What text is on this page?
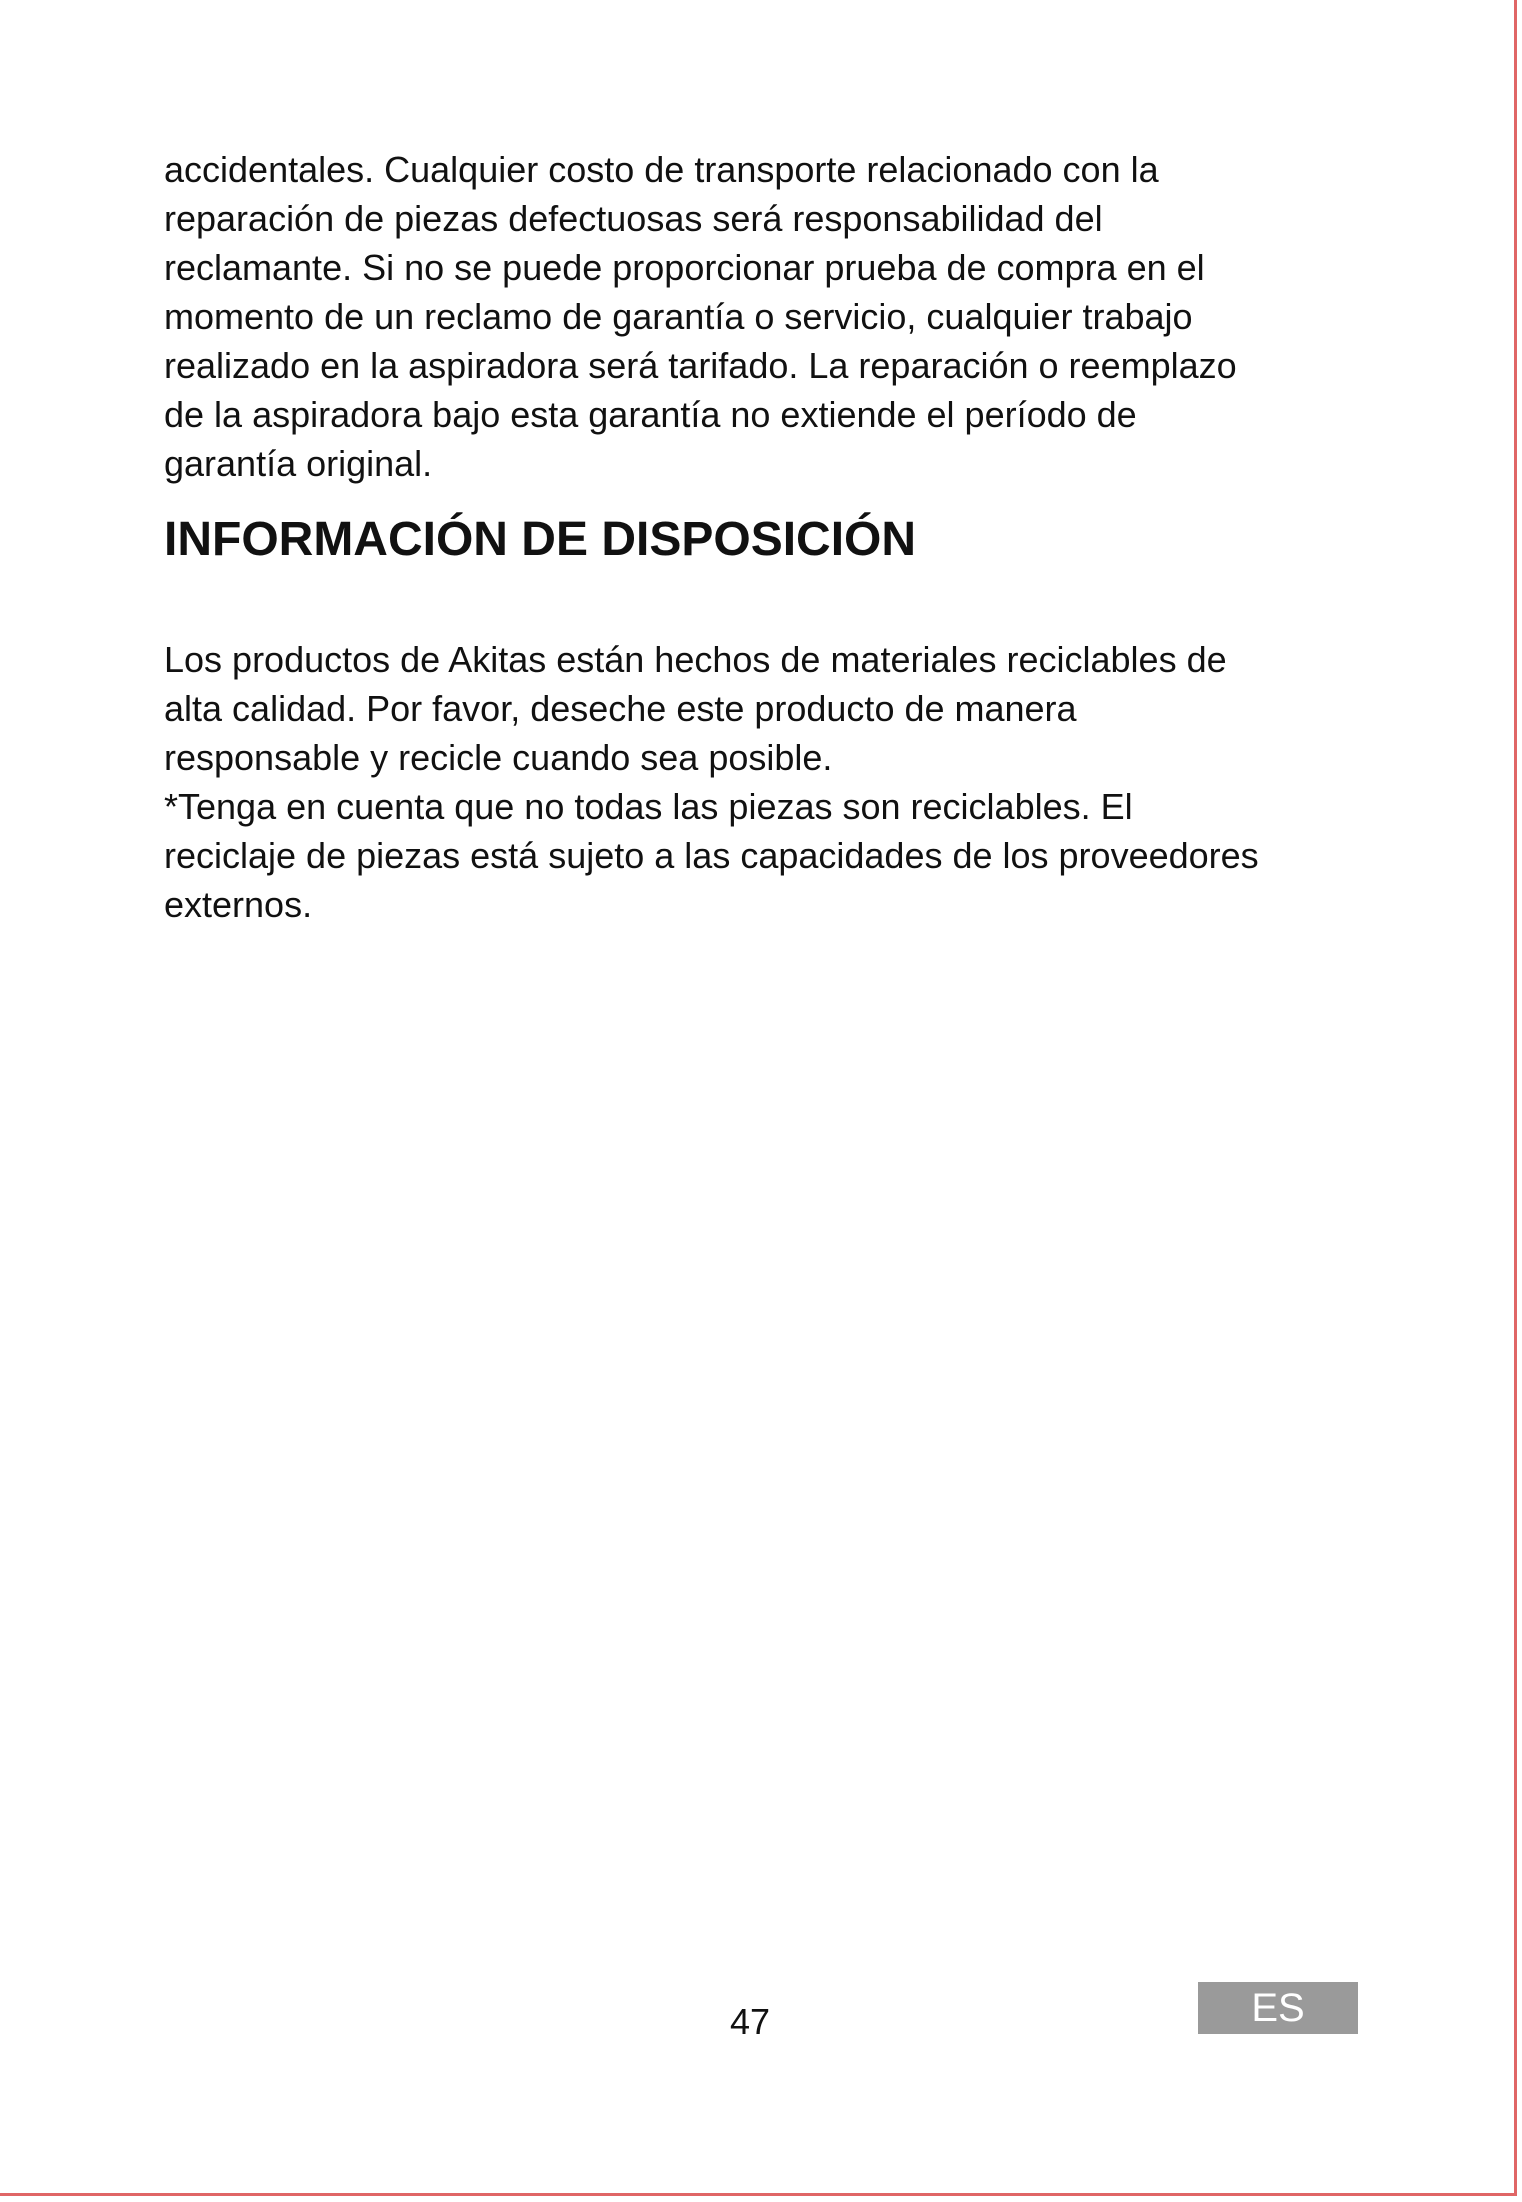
accidentales. Cualquier costo de transporte relacionado con la
reparación de piezas defectuosas será responsabilidad del
reclamante. Si no se puede proporcionar prueba de compra en el
momento de un reclamo de garantía o servicio, cualquier trabajo
realizado en la aspiradora será tarifado. La reparación o reemplazo
de la aspiradora bajo esta garantía no extiende el período de
garantía original.

INFORMACIÓN DE DISPOSICIÓN

Los productos de Akitas están hechos de materiales reciclables de
alta calidad. Por favor, deseche este producto de manera
responsable y recicle cuando sea posible.
*Tenga en cuenta que no todas las piezas son reciclables. El
reciclaje de piezas está sujeto a las capacidades de los proveedores
externos.

ES
47
